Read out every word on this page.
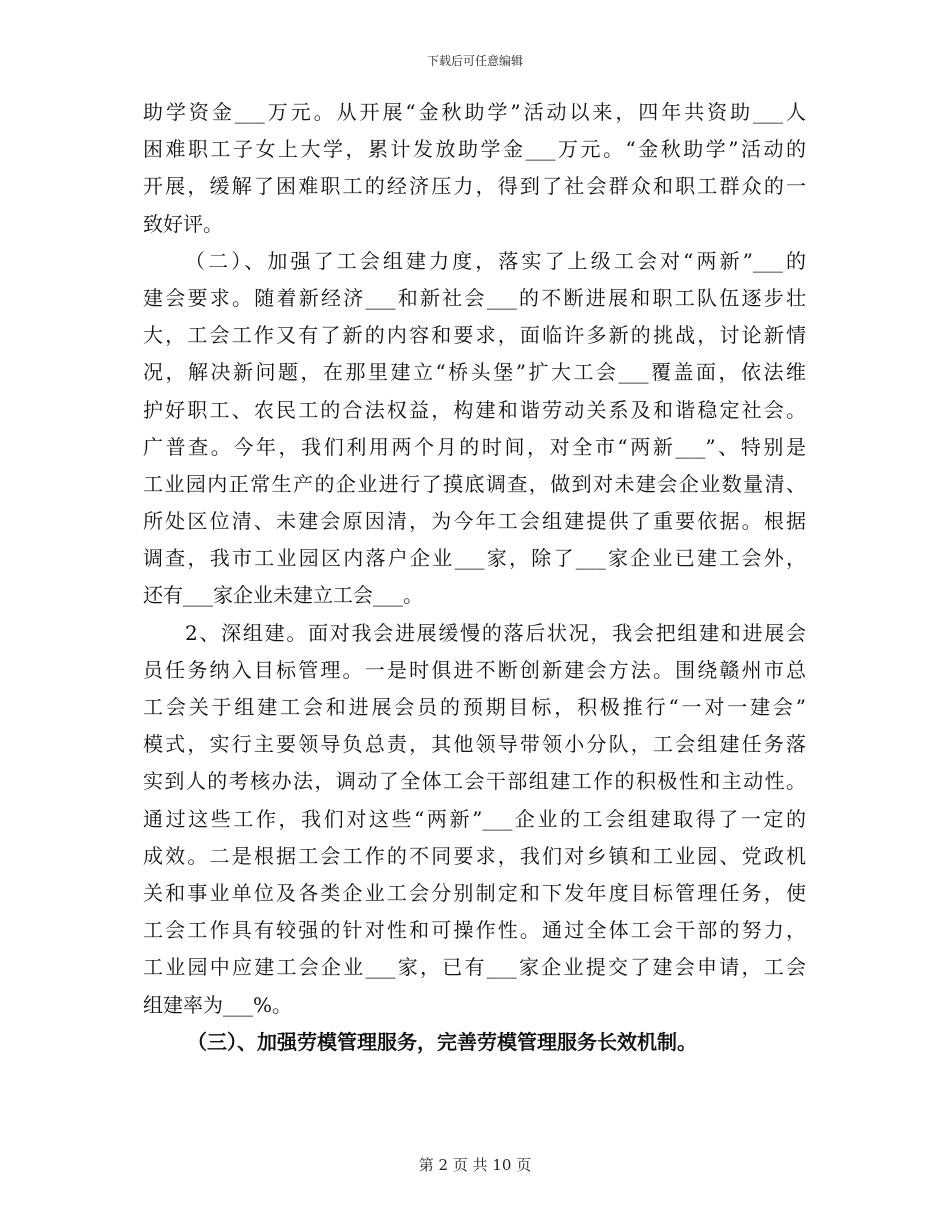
下载后可任意编辑
助学资金___万元。从开展“金秋助学”活动以来，四年共资助___人
困难职工子女上大学，累计发放助学金___万元。“金秋助学”活动的
开展，缓解了困难职工的经济压力，得到了社会群众和职工群众的一
致好评。
（二）、加强了工会组建力度，落实了上级工会对“两新”___的
建会要求。随着新经济___和新社会___的不断进展和职工队伍逐步壮
大，工会工作又有了新的内容和要求，面临许多新的挑战，讨论新情
况，解决新问题，在那里建立“桥头堡”扩大工会___覆盖面，依法维
护好职工、农民工的合法权益，构建和谐劳动关系及和谐稳定社会。
广普查。今年，我们利用两个月的时间，对全市“两新___”、特别是
工业园内正常生产的企业进行了摸底调查，做到对未建会企业数量清、
所处区位清、未建会原因清，为今年工会组建提供了重要依据。根据
调查，我市工业园区内落户企业___家，除了___家企业已建工会外，
还有___家企业未建立工会___。
2、深组建。面对我会进展缓慢的落后状况，我会把组建和进展会
员任务纳入目标管理。一是时俱进不断创新建会方法。围绕赣州市总
工会关于组建工会和进展会员的预期目标，积极推行“一对一建会”
模式，实行主要领导负总责，其他领导带领小分队，工会组建任务落
实到人的考核办法，调动了全体工会干部组建工作的积极性和主动性。
通过这些工作，我们对这些“两新”___企业的工会组建取得了一定的
成效。二是根据工会工作的不同要求，我们对乡镇和工业园、党政机
关和事业单位及各类企业工会分别制定和下发年度目标管理任务，使
工会工作具有较强的针对性和可操作性。通过全体工会干部的努力，
工业园中应建工会企业___家，已有___家企业提交了建会申请，工会
组建率为___%。
（三）、加强劳模管理服务，完善劳模管理服务长效机制。
第 2 页 共 10 页
